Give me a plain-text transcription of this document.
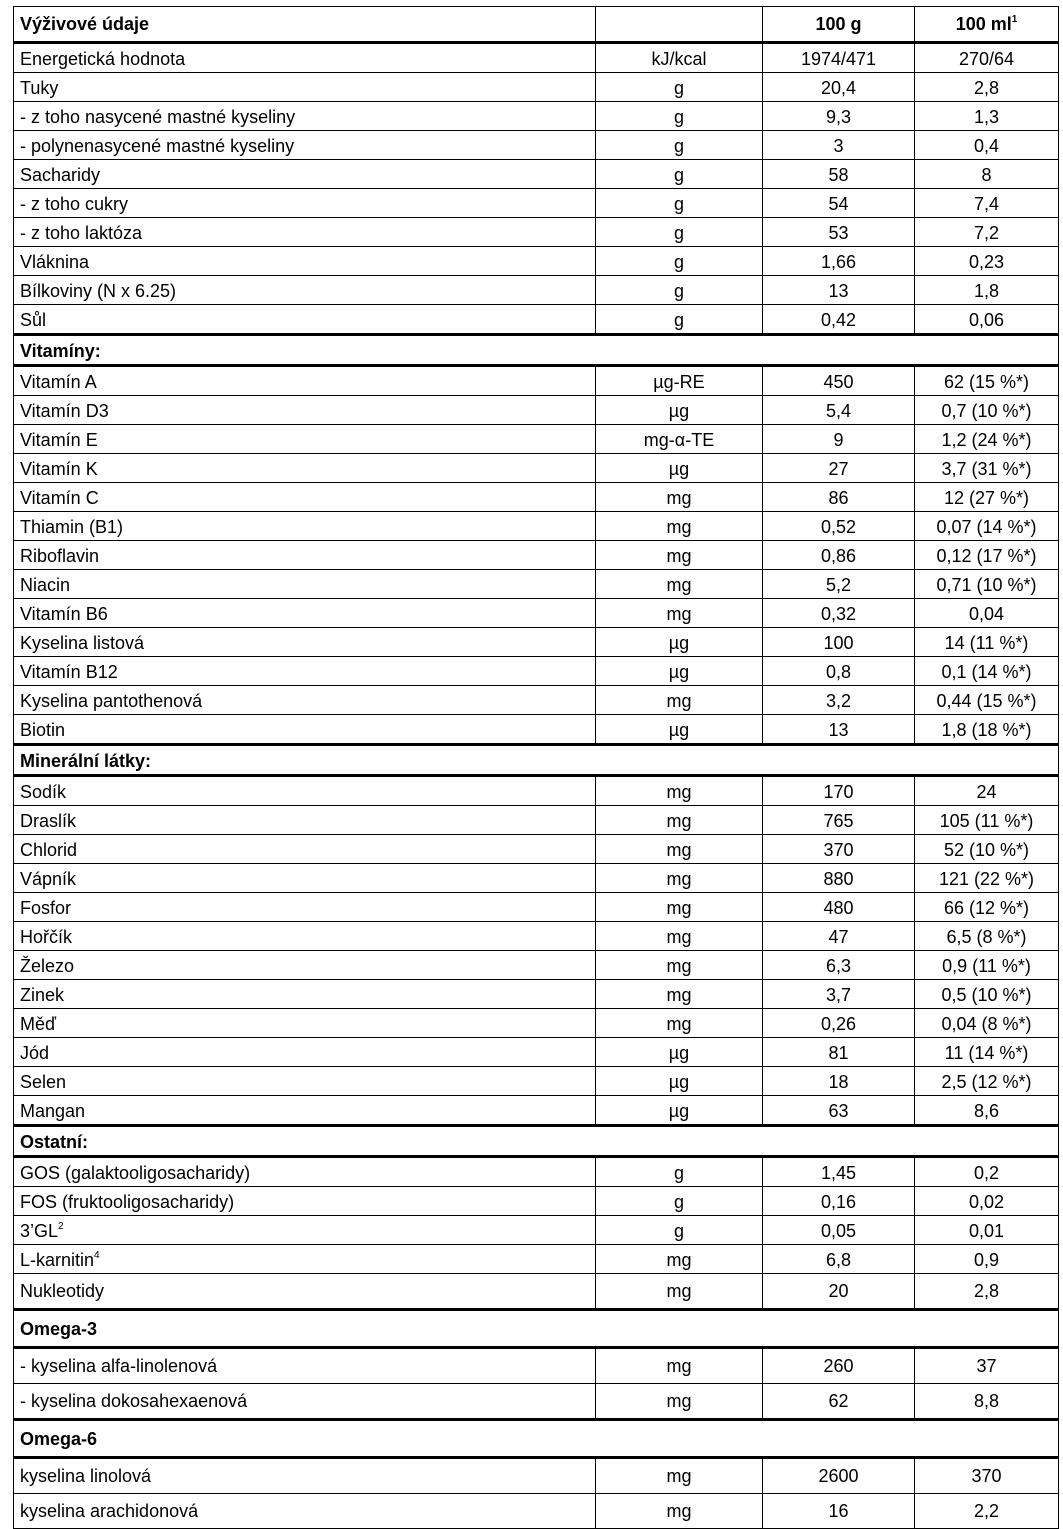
Výživové údaje		100 g	100 $ml^1$
Energetická hodnota	kJ/kcal	1974/471	270/64
Tuky	g	20,4	2,8
- z toho nasycené mastné kyseliny	g	9,3	1,3
- polynenasycené mastné kyseliny	g	3	0,4
Sacharidy	g	58	8
- z toho cukry	g	54	7,4
- z toho laktóza	g	53	7,2
Vláknina	g	1,66	0,23
Bílkoviny (N x 6.25)	g	13	1,8
Sůl	g	0,42	0,06
Vitamíny:			
Vitamín A	µg-RE	450	62 (15 %*)
Vitamín D3	µg	5,4	0,7 (10 %*)
Vitamín E	mg-α-TE	9	1,2 (24 %*)
Vitamín K	µg	27	3,7 (31 %*)
Vitamín C	mg	86	12 (27 %*)
Thiamin (B1)	mg	0,52	0,07 (14 %*)
Riboflavin	mg	0,86	0,12 (17 %*)
Niacin	mg	5,2	0,71 (10 %*)
Vitamín B6	mg	0,32	0,04
Kyselina listová	µg	100	14 (11 %*)
Vitamín B12	µg	0,8	0,1 (14 %*)
Kyselina pantothenová	mg	3,2	0,44 (15 %*)
Biotin	µg	13	1,8 (18 %*)
Minerální látky:			
Sodík	mg	170	24
Draslík	mg	765	105 (11 %*)
Chlorid	mg	370	52 (10 %*)
Vápník	mg	880	121 (22 %*)
Fosfor	mg	480	66 (12 %*)
Hořčík	mg	47	6,5 (8 %*)
Železo	mg	6,3	0,9 (11 %*)
Zinek	mg	3,7	0,5 (10 %*)
Měď	mg	0,26	0,04 (8 %*)
Jód	µg	81	11 (14 %*)
Selen	µg	18	2,5 (12 %*)
Mangan	µg	63	8,6
Ostatní:			
GOS (galaktooligosacharidy)	g	1,45	0,2
FOS (fruktooligosacharidy)	g	0,16	0,02
$3’GL^2$	g	0,05	0,01
L-karnitin$^4$	mg	6,8	0,9
Nukleotidy	mg	20	2,8
Omega-3			
- kyselina alfa-linolenová	mg	260	37
- kyselina dokosahexaenová	mg	62	8,8
Omega-6			
kyselina linolová	mg	2600	370
kyselina arachidonová	mg	16	2,2
